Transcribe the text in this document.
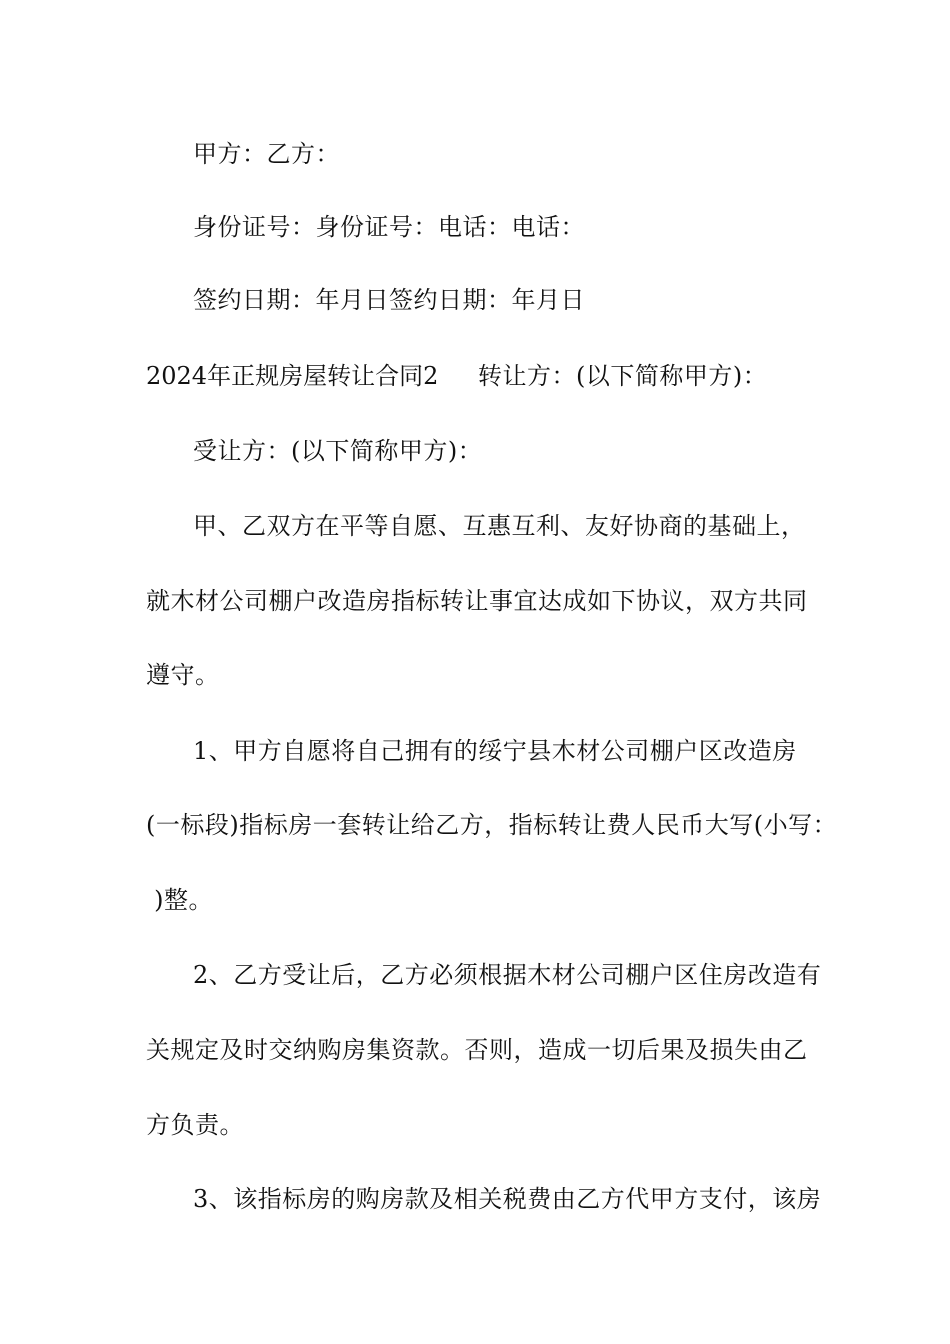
甲方：乙方：
身份证号：身份证号：电话：电话：
签约日期：年月日签约日期：年月日
2024年正规房屋转让合同2 转让方：(以下简称甲方)：
受让方：(以下简称甲方)：
甲、乙双方在平等自愿、互惠互利、友好协商的基础上，
就木材公司棚户改造房指标转让事宜达成如下协议，双方共同
遵守。
1、甲方自愿将自己拥有的绥宁县木材公司棚户区改造房
(一标段)指标房一套转让给乙方，指标转让费人民币大写(小写：
)整。
2、乙方受让后，乙方必须根据木材公司棚户区住房改造有
关规定及时交纳购房集资款。否则，造成一切后果及损失由乙
方负责。
3、该指标房的购房款及相关税费由乙方代甲方支付，该房
